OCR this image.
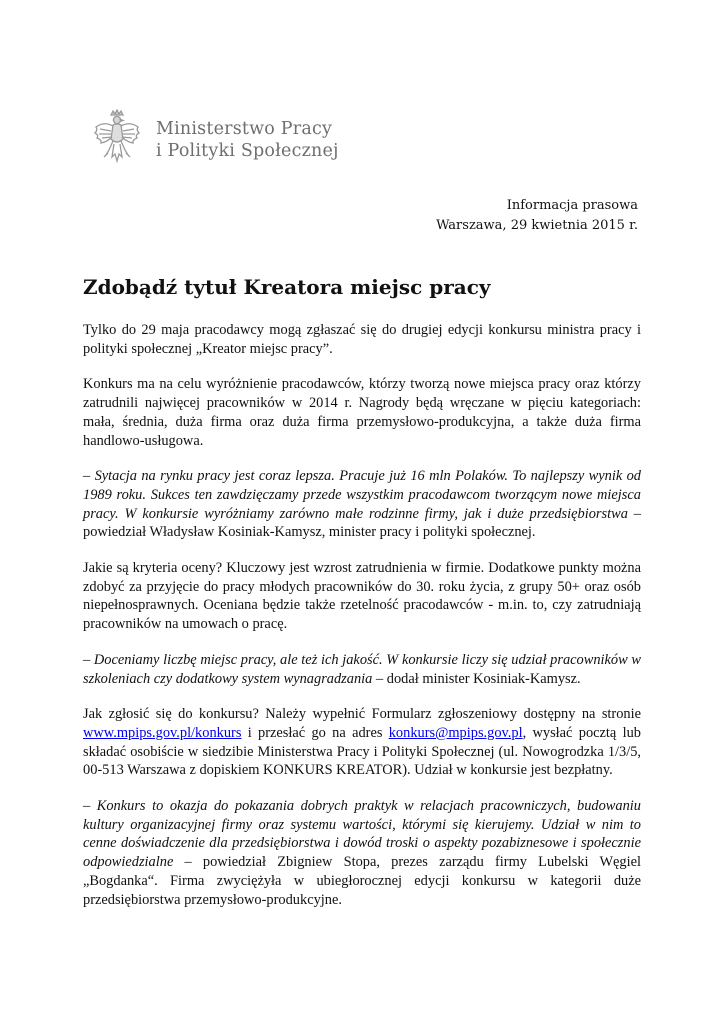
Ministerstwo Pracy
i Polityki Społecznej
Informacja prasowa
Warszawa, 29 kwietnia 2015 r.
Zdobądź tytuł Kreatora miejsc pracy

Tylko do 29 maja pracodawcy mogą zgłaszać się do drugiej edycji konkursu ministra pracy i polityki społecznej „Kreator miejsc pracy”.

Konkurs ma na celu wyróżnienie pracodawców, którzy tworzą nowe miejsca pracy oraz którzy zatrudnili najwięcej pracowników w 2014 r. Nagrody będą wręczane w pięciu kategoriach: mała, średnia, duża firma oraz duża firma przemysłowo-produkcyjna, a także duża firma handlowo-usługowa.

– Sytacja na rynku pracy jest coraz lepsza. Pracuje już 16 mln Polaków. To najlepszy wynik od 1989 roku. Sukces ten zawdzięczamy przede wszystkim pracodawcom tworzącym nowe miejsca pracy. W konkursie wyróżniamy zarówno małe rodzinne firmy, jak i duże przedsiębiorstwa – powiedział Władysław Kosiniak-Kamysz, minister pracy i polityki społecznej.

Jakie są kryteria oceny? Kluczowy jest wzrost zatrudnienia w firmie. Dodatkowe punkty można zdobyć za przyjęcie do pracy młodych pracowników do 30. roku życia, z grupy 50+ oraz osób niepełnosprawnych. Oceniana będzie także rzetelność pracodawców - m.in. to, czy zatrudniają pracowników na umowach o pracę.

– Doceniamy liczbę miejsc pracy, ale też ich jakość. W konkursie liczy się udział pracowników w szkoleniach czy dodatkowy system wynagradzania – dodał minister Kosiniak-Kamysz.

Jak zgłosić się do konkursu? Należy wypełnić Formularz zgłoszeniowy dostępny na stronie www.mpips.gov.pl/konkurs i przesłać go na adres konkurs@mpips.gov.pl, wysłać pocztą lub składać osobiście w siedzibie Ministerstwa Pracy i Polityki Społecznej (ul. Nowogrodzka 1/3/5, 00-513 Warszawa z dopiskiem KONKURS KREATOR). Udział w konkursie jest bezpłatny.

– Konkurs to okazja do pokazania dobrych praktyk w relacjach pracowniczych, budowaniu kultury organizacyjnej firmy oraz systemu wartości, którymi się kierujemy. Udział w nim to cenne doświadczenie dla przedsiębiorstwa i dowód troski o aspekty pozabiznesowe i społecznie odpowiedzialne – powiedział Zbigniew Stopa, prezes zarządu firmy Lubelski Węgiel „Bogdanka“. Firma zwyciężyła w ubiegłorocznej edycji konkursu w kategorii duże przedsiębiorstwa przemysłowo-produkcyjne.
